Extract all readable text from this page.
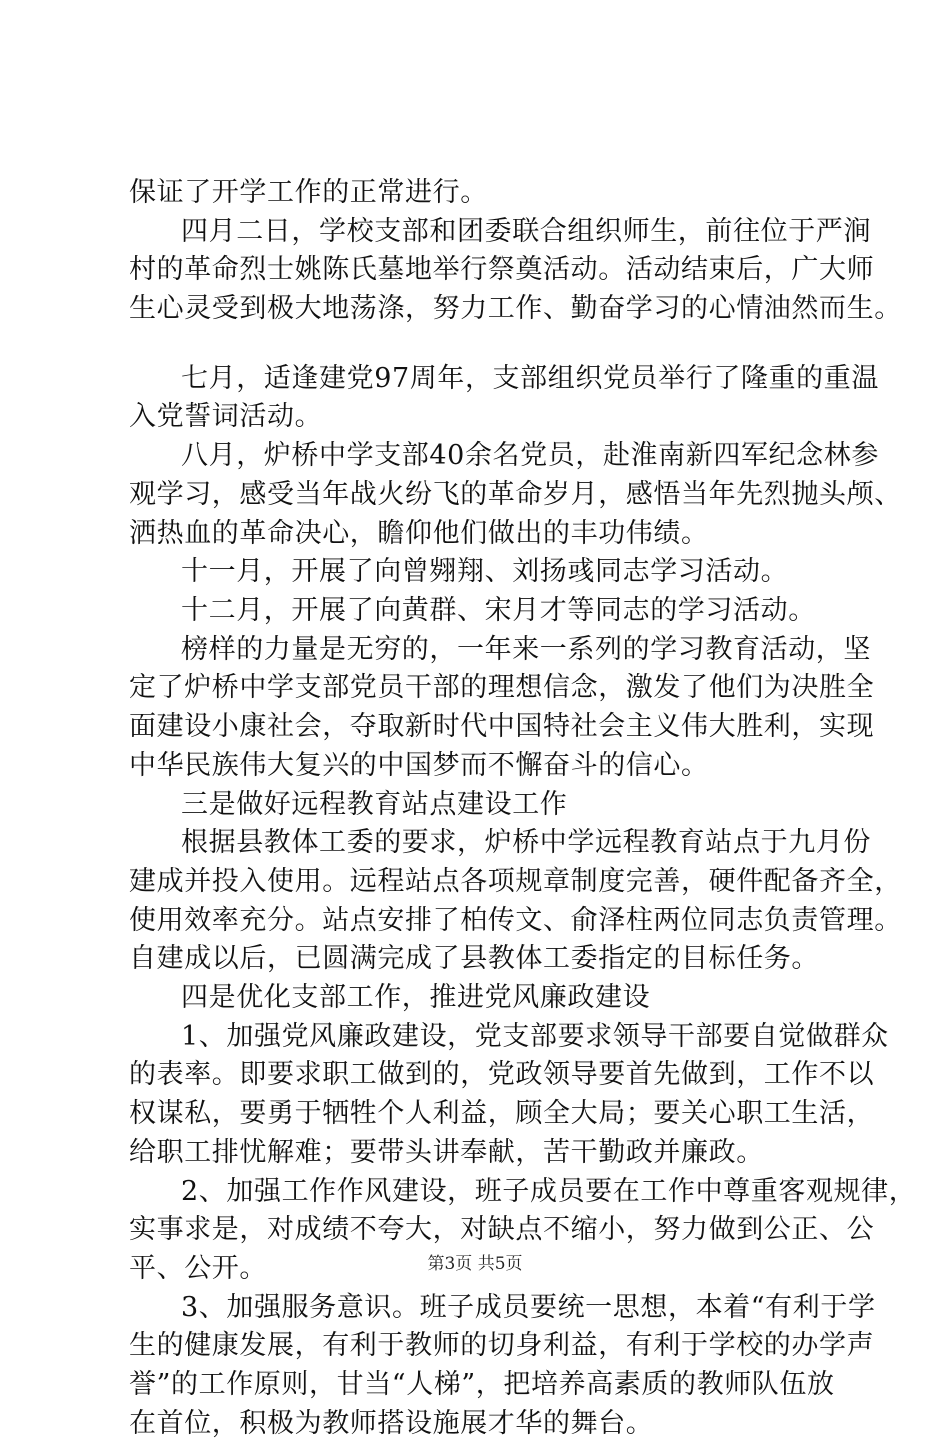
保证了开学工作的正常进行。
四月二日，学校支部和团委联合组织师生，前往位于严涧
村的革命烈士姚陈氏墓地举行祭奠活动。活动结束后，广大师
生心灵受到极大地荡涤，努力工作、勤奋学习的心情油然而生。
七月，适逢建党97周年，支部组织党员举行了隆重的重温
入党誓词活动。
八月，炉桥中学支部40余名党员，赴淮南新四军纪念林参
观学习，感受当年战火纷飞的革命岁月，感悟当年先烈抛头颅、
洒热血的革命决心，瞻仰他们做出的丰功伟绩。
十一月，开展了向曾翙翔、刘扬彧同志学习活动。
十二月，开展了向黄群、宋月才等同志的学习活动。
榜样的力量是无穷的，一年来一系列的学习教育活动，坚
定了炉桥中学支部党员干部的理想信念，激发了他们为决胜全
面建设小康社会，夺取新时代中国特社会主义伟大胜利，实现
中华民族伟大复兴的中国梦而不懈奋斗的信心。
三是做好远程教育站点建设工作
根据县教体工委的要求，炉桥中学远程教育站点于九月份
建成并投入使用。远程站点各项规章制度完善，硬件配备齐全，
使用效率充分。站点安排了柏传文、俞泽柱两位同志负责管理。
自建成以后，已圆满完成了县教体工委指定的目标任务。
四是优化支部工作，推进党风廉政建设
1、加强党风廉政建设，党支部要求领导干部要自觉做群众
的表率。即要求职工做到的，党政领导要首先做到，工作不以
权谋私，要勇于牺牲个人利益，顾全大局；要关心职工生活，
给职工排忧解难；要带头讲奉献，苦干勤政并廉政。
2、加强工作作风建设，班子成员要在工作中尊重客观规律，
实事求是，对成绩不夸大，对缺点不缩小，努力做到公正、公
平、公开。
3、加强服务意识。班子成员要统一思想，本着“有利于学
生的健康发展，有利于教师的切身利益，有利于学校的办学声
誉”的工作原则，甘当“人梯”，把培养高素质的教师队伍放
在首位，积极为教师搭设施展才华的舞台。
第3页 共5页
